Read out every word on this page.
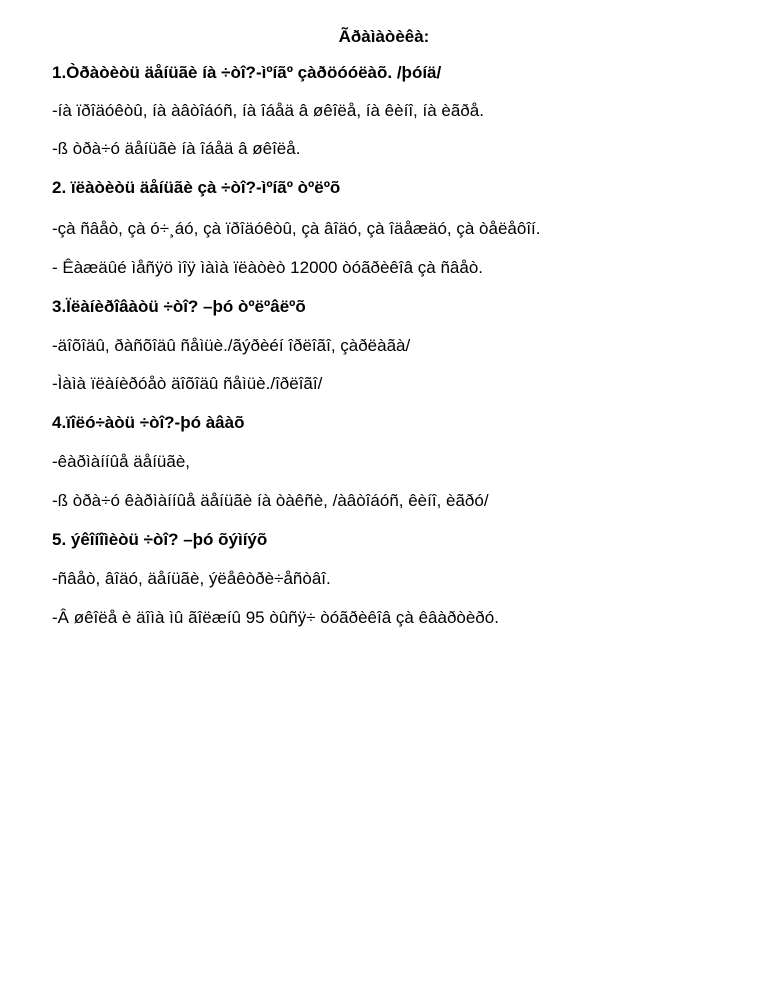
Ãðàìàòèêà:
1.Òðàòèòü äåíüãè íà ÷òî?-ìºíãº çàðöóóëàõ. /þóíä/
-íà ïðîäóêòû, íà àâòîáóñ, íà îáåä â øêîëå, íà êèíî, íà èãðå.
-ß òðà÷ó äåíüãè íà îáåä â øêîëå.
2. ïëàòèòü äåíüãè çà ÷òî?-ìºíãº òºëºõ
-çà ñâåò, çà ó÷¸áó, çà ïðîäóêòû, çà âîäó, çà îäåæäó, çà òåëåôîí.
- Êàæäûé ìåñÿö ìîÿ ìàìà ïëàòèò 12000 òóãðèêîâ çà ñâåò.
3.Ïëàíèðîâàòü ÷òî? –þó òºëºâëºõ
-äîõîäû, ðàñõîäû ñåìüè./ãýðèéí îðëîãî, çàðëàãà/
-Ìàìà ïëàíèðóåò äîõîäû ñåìüè./îðëîãî/
4.ïîëó÷àòü ÷òî?-þó àâàõ
-êàðìàííûå äåíüãè,
-ß òðà÷ó êàðìàííûå äåíüãè íà òàêñè, /àâòîáóñ, êèíî, èãðó/
5. ýêîíîìèòü ÷òî? –þó õýìíýõ
-ñâåò, âîäó, äåíüãè, ýëåêòðè÷åñòâî.
-Â øêîëå è äîìà ìû ãîëæíû 95 òûñÿ÷ òóãðèêîâ çà êâàðòèðó.
